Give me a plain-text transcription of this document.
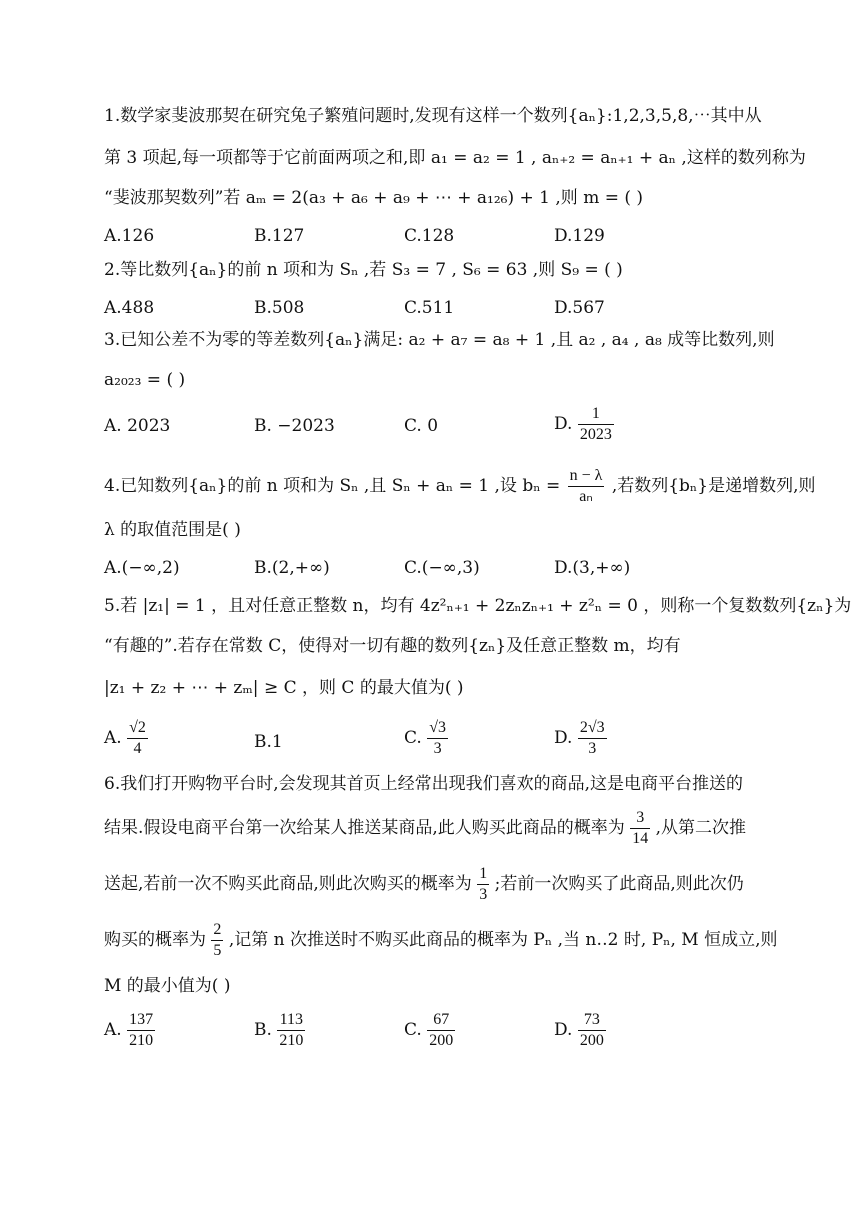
1.数学家斐波那契在研究兔子繁殖问题时,发现有这样一个数列{aₙ}:1,2,3,5,8,⋯其中从
第 3 项起,每一项都等于它前面两项之和,即 a₁ = a₂ = 1 , aₙ₊₂ = aₙ₊₁ + aₙ ,这样的数列称为
“斐波那契数列”若 aₘ = 2(a₃ + a₆ + a₉ + ⋯ + a₁₂₆) + 1 ,则 m = ( )
A.126	B.127	C.128	D.129
2.等比数列{aₙ}的前 n 项和为 Sₙ ,若 S₃ = 7 , S₆ = 63 ,则 S₉ = ( )
A.488	B.508	C.511	D.567
3.已知公差不为零的等差数列{aₙ}满足: a₂ + a₇ = a₈ + 1 ,且 a₂ , a₄ , a₈ 成等比数列,则
a₂₀₂₃ = ( )
A. 2023	B. −2023	C. 0	D. $\frac{1}{2023}$
4.已知数列{aₙ}的前 n 项和为 Sₙ ,且 Sₙ + aₙ = 1 ,设 $b_n = \frac{n - \lambda}{\text{aₙ}}$ ,若数列{bₙ}是递增数列,则
λ 的取值范围是( )
A.(−∞,2)	B.(2,+∞)	C.(−∞,3)	D.(3,+∞)
5.若 |z₁| = 1 ，且对任意正整数 n，均有 4z²ₙ₊₁ + 2zₙzₙ₊₁ + z²ₙ = 0 ，则称一个复数数列{zₙ}为
“有趣的”.若存在常数 C，使得对一切有趣的数列{zₙ}及任意正整数 m，均有
|z₁ + z₂ + ⋯ + zₘ| ≥ C ，则 C 的最大值为( )
A. $\frac{√2}{4}$	B.1	C. $\frac{√3}{3}$	D. $\frac{2√3}{3}$
6.我们打开购物平台时,会发现其首页上经常出现我们喜欢的商品,这是电商平台推送的
结果.假设电商平台第一次给某人推送某商品,此人购买此商品的概率为 $\frac{3}{14}$ ,从第二次推
送起,若前一次不购买此商品,则此次购买的概率为 $\frac{1}{3}$ ;若前一次购买了此商品,则此次仍
购买的概率为 $\frac{2}{5}$ ,记第 n 次推送时不购买此商品的概率为 Pₙ ,当 n‥2 时, Pₙ, M 恒成立,则
M 的最小值为( )
A. $\frac{137}{210}$	B. $\frac{113}{210}$	C. $\frac{67}{200}$	D. $\frac{73}{200}$
